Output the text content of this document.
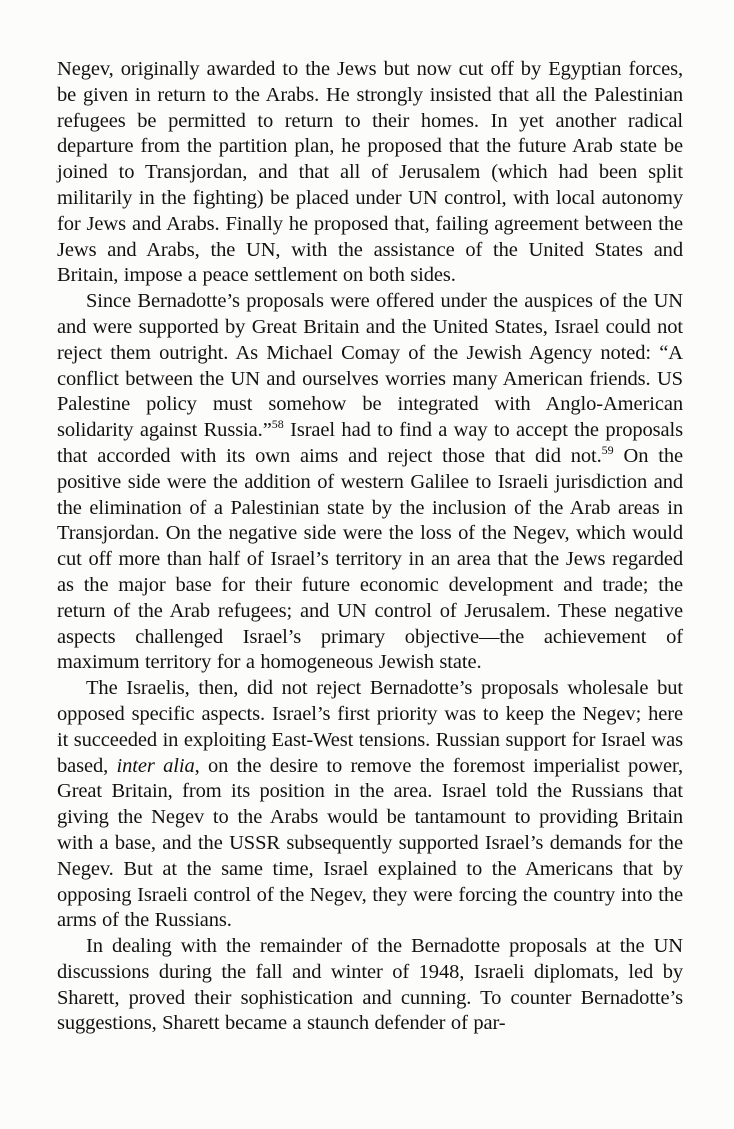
Negev, originally awarded to the Jews but now cut off by Egyptian forces, be given in return to the Arabs. He strongly insisted that all the Palestinian refugees be permitted to return to their homes. In yet another radical departure from the partition plan, he proposed that the future Arab state be joined to Transjordan, and that all of Jerusalem (which had been split militarily in the fighting) be placed under UN control, with local autonomy for Jews and Arabs. Finally he proposed that, failing agreement between the Jews and Arabs, the UN, with the assistance of the United States and Britain, impose a peace settlement on both sides.

Since Bernadotte’s proposals were offered under the auspices of the UN and were supported by Great Britain and the United States, Israel could not reject them outright. As Michael Comay of the Jewish Agency noted: “A conflict between the UN and ourselves worries many American friends. US Palestine policy must somehow be integrated with Anglo-American solidarity against Russia.”$^{58}$ Israel had to find a way to accept the proposals that accorded with its own aims and reject those that did not.$^{59}$ On the positive side were the addition of western Galilee to Israeli jurisdiction and the elimination of a Palestinian state by the inclusion of the Arab areas in Transjordan. On the negative side were the loss of the Negev, which would cut off more than half of Israel’s territory in an area that the Jews regarded as the major base for their future economic development and trade; the return of the Arab refugees; and UN control of Jerusalem. These negative aspects challenged Israel’s primary objective—the achievement of maximum territory for a homogeneous Jewish state.

The Israelis, then, did not reject Bernadotte’s proposals wholesale but opposed specific aspects. Israel’s first priority was to keep the Negev; here it succeeded in exploiting East-West tensions. Russian support for Israel was based, inter alia, on the desire to remove the foremost imperialist power, Great Britain, from its position in the area. Israel told the Russians that giving the Negev to the Arabs would be tantamount to providing Britain with a base, and the USSR subsequently supported Israel’s demands for the Negev. But at the same time, Israel explained to the Americans that by opposing Israeli control of the Negev, they were forcing the country into the arms of the Russians.

In dealing with the remainder of the Bernadotte proposals at the UN discussions during the fall and winter of 1948, Israeli diplomats, led by Sharett, proved their sophistication and cunning. To counter Bernadotte’s suggestions, Sharett became a staunch defender of par-
